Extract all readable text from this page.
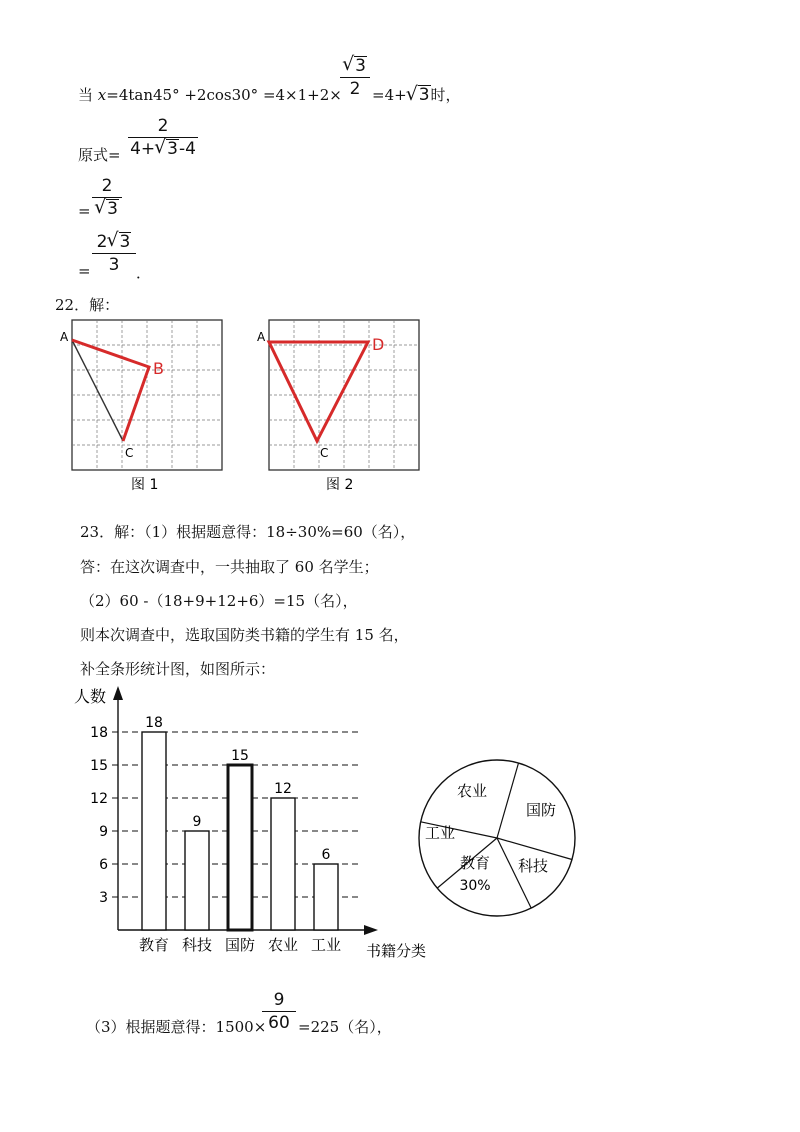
当 x=4tan45° +2cos30° =4×1+2×
√ 3
2 =4+ √ 3时，
原式=
2
4+ √ 3-4
=
2
√ 3
=
2 √ 3
3	．
22．解：
A
B
C
图 1
A	D
C
图 2
23．解：（1）根据题意得：18÷30%=60（名），
答：在这次调查中，一共抽取了 60 名学生；
（2）60 -（18+9+12+6）=15（名），
则本次调查中，选取国防类书籍的学生有 15 名，
补全条形统计图，如图所示：
人数
书籍分类
3
6
9
12
15
18
18
教育
9
科技
15
国防
12
农业
6
工业
农业
国防
科技
教育
30%
工业
（3）根据题意得：1500×
9
60 =225（名），
